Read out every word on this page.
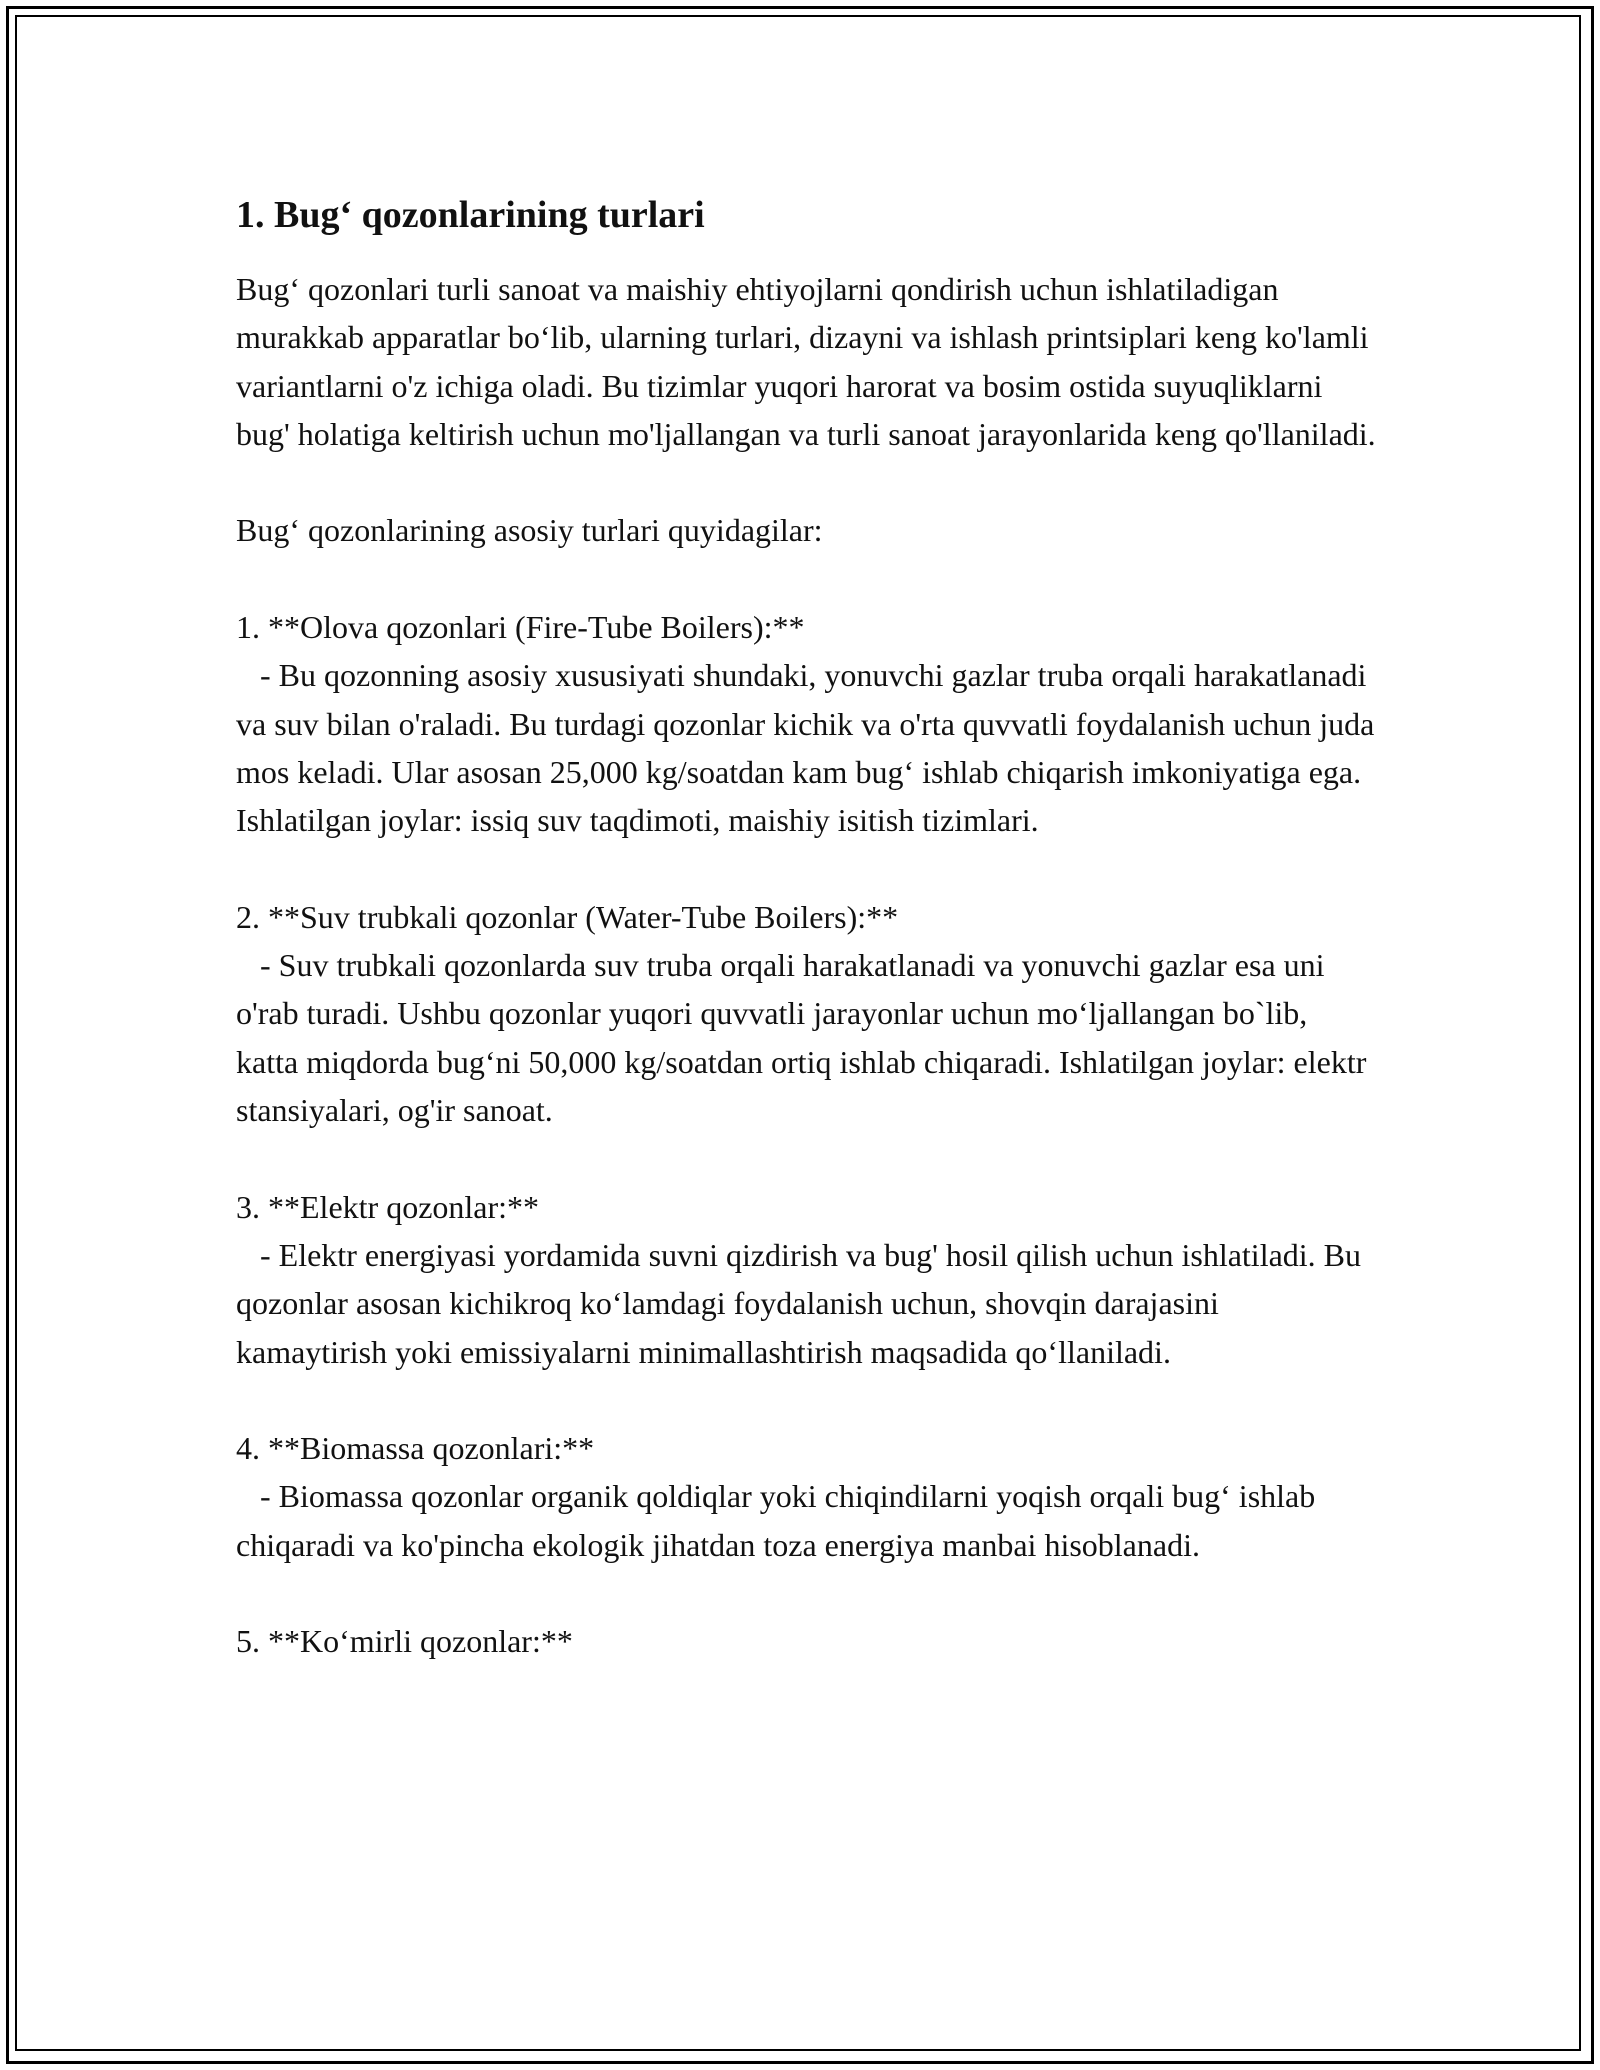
1. Bug‘ qozonlarining turlari

Bug‘ qozonlari turli sanoat va maishiy ehtiyojlarni qondirish uchun ishlatiladigan murakkab apparatlar bo‘lib, ularning turlari, dizayni va ishlash printsiplari keng ko'lamli variantlarni o'z ichiga oladi. Bu tizimlar yuqori harorat va bosim ostida suyuqliklarni bug' holatiga keltirish uchun mo'ljallangan va turli sanoat jarayonlarida keng qo'llaniladi.

Bug‘ qozonlarining asosiy turlari quyidagilar:

1. **Olova qozonlari (Fire-Tube Boilers):**

- Bu qozonning asosiy xususiyati shundaki, yonuvchi gazlar truba orqali harakatlanadi va suv bilan o'raladi. Bu turdagi qozonlar kichik va o'rta quvvatli foydalanish uchun juda mos keladi. Ular asosan 25,000 kg/soatdan kam bug‘ ishlab chiqarish imkoniyatiga ega. Ishlatilgan joylar: issiq suv taqdimoti, maishiy isitish tizimlari.

2. **Suv trubkali qozonlar (Water-Tube Boilers):**

- Suv trubkali qozonlarda suv truba orqali harakatlanadi va yonuvchi gazlar esa uni o'rab turadi. Ushbu qozonlar yuqori quvvatli jarayonlar uchun mo‘ljallangan bo`lib, katta miqdorda bug‘ni 50,000 kg/soatdan ortiq ishlab chiqaradi. Ishlatilgan joylar: elektr stansiyalari, og'ir sanoat.

3. **Elektr qozonlar:**

- Elektr energiyasi yordamida suvni qizdirish va bug' hosil qilish uchun ishlatiladi. Bu qozonlar asosan kichikroq ko‘lamdagi foydalanish uchun, shovqin darajasini kamaytirish yoki emissiyalarni minimallashtirish maqsadida qo‘llaniladi.

4. **Biomassa qozonlari:**

- Biomassa qozonlar organik qoldiqlar yoki chiqindilarni yoqish orqali bug‘ ishlab chiqaradi va ko'pincha ekologik jihatdan toza energiya manbai hisoblanadi.

5. **Ko‘mirli qozonlar:**
